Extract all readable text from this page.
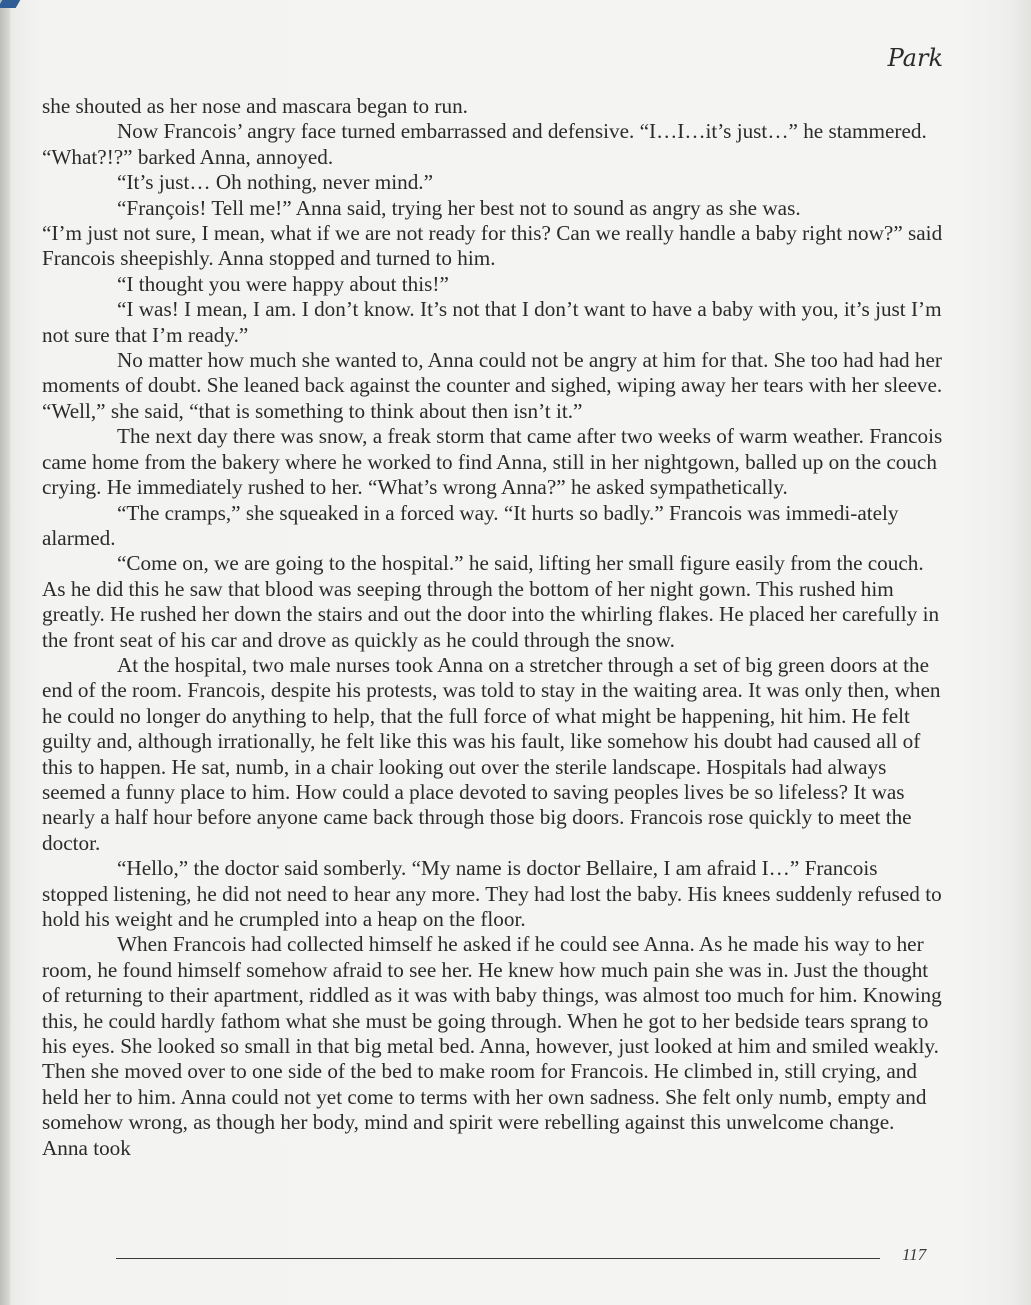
Park

she shouted as her nose and mascara began to run.

Now Francois’ angry face turned embarrassed and defensive. “I…I…it’s just…” he stammered. “What?!?” barked Anna, annoyed.

“It’s just… Oh nothing, never mind.”

“François! Tell me!” Anna said, trying her best not to sound as angry as she was.

“I’m just not sure, I mean, what if we are not ready for this? Can we really handle a baby right now?” said Francois sheepishly. Anna stopped and turned to him.

“I thought you were happy about this!”

“I was! I mean, I am. I don’t know. It’s not that I don’t want to have a baby with you, it’s just I’m not sure that I’m ready.”

No matter how much she wanted to, Anna could not be angry at him for that. She too had had her moments of doubt. She leaned back against the counter and sighed, wiping away her tears with her sleeve. “Well,” she said, “that is something to think about then isn’t it.”

The next day there was snow, a freak storm that came after two weeks of warm weather. Francois came home from the bakery where he worked to find Anna, still in her nightgown, balled up on the couch crying. He immediately rushed to her. “What’s wrong Anna?” he asked sympathetically.

“The cramps,” she squeaked in a forced way. “It hurts so badly.” Francois was immedi-ately alarmed.

“Come on, we are going to the hospital.” he said, lifting her small figure easily from the couch. As he did this he saw that blood was seeping through the bottom of her night gown. This rushed him greatly. He rushed her down the stairs and out the door into the whirling flakes. He placed her carefully in the front seat of his car and drove as quickly as he could through the snow.

At the hospital, two male nurses took Anna on a stretcher through a set of big green doors at the end of the room. Francois, despite his protests, was told to stay in the waiting area. It was only then, when he could no longer do anything to help, that the full force of what might be happening, hit him. He felt guilty and, although irrationally, he felt like this was his fault, like somehow his doubt had caused all of this to happen. He sat, numb, in a chair looking out over the sterile landscape. Hospitals had always seemed a funny place to him. How could a place devoted to saving peoples lives be so lifeless? It was nearly a half hour before anyone came back through those big doors. Francois rose quickly to meet the doctor.

“Hello,” the doctor said somberly. “My name is doctor Bellaire, I am afraid I…” Francois stopped listening, he did not need to hear any more. They had lost the baby. His knees suddenly refused to hold his weight and he crumpled into a heap on the floor.

When Francois had collected himself he asked if he could see Anna. As he made his way to her room, he found himself somehow afraid to see her. He knew how much pain she was in. Just the thought of returning to their apartment, riddled as it was with baby things, was almost too much for him. Knowing this, he could hardly fathom what she must be going through. When he got to her bedside tears sprang to his eyes. She looked so small in that big metal bed. Anna, however, just looked at him and smiled weakly. Then she moved over to one side of the bed to make room for Francois. He climbed in, still crying, and held her to him. Anna could not yet come to terms with her own sadness. She felt only numb, empty and somehow wrong, as though her body, mind and spirit were rebelling against this unwelcome change. Anna took

117
